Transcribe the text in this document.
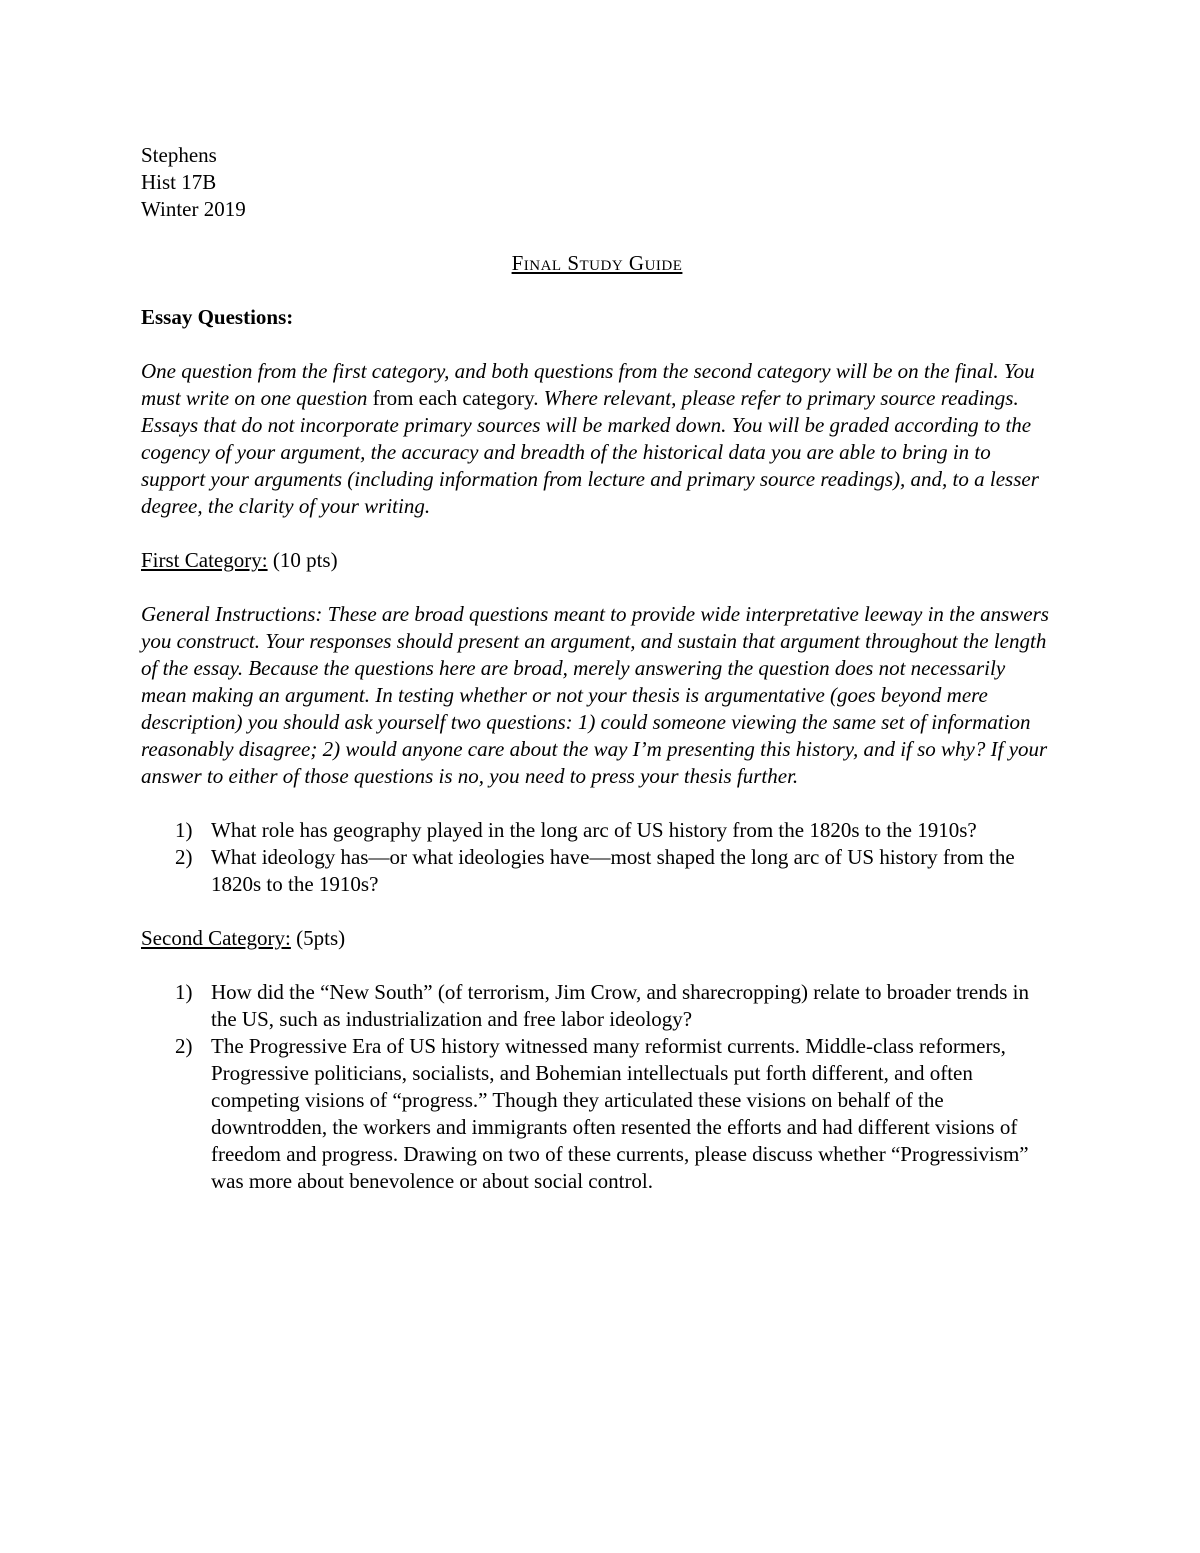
Stephens
Hist 17B
Winter 2019
Final Study Guide
Essay Questions:

One question from the first category, and both questions from the second category will be on the final. You must write on one question from each category. Where relevant, please refer to primary source readings. Essays that do not incorporate primary sources will be marked down. You will be graded according to the cogency of your argument, the accuracy and breadth of the historical data you are able to bring in to support your arguments (including information from lecture and primary source readings), and, to a lesser degree, the clarity of your writing.

First Category: (10 pts)

General Instructions: These are broad questions meant to provide wide interpretative leeway in the answers you construct. Your responses should present an argument, and sustain that argument throughout the length of the essay. Because the questions here are broad, merely answering the question does not necessarily mean making an argument. In testing whether or not your thesis is argumentative (goes beyond mere description) you should ask yourself two questions: 1) could someone viewing the same set of information reasonably disagree; 2) would anyone care about the way I’m presenting this history, and if so why? If your answer to either of those questions is no, you need to press your thesis further.

1) What role has geography played in the long arc of US history from the 1820s to the 1910s?
2) What ideology has—or what ideologies have—most shaped the long arc of US history from the 1820s to the 1910s?
Second Category: (5pts)
1) How did the “New South” (of terrorism, Jim Crow, and sharecropping) relate to broader trends in the US, such as industrialization and free labor ideology?
2) The Progressive Era of US history witnessed many reformist currents. Middle-class reformers, Progressive politicians, socialists, and Bohemian intellectuals put forth different, and often competing visions of “progress.” Though they articulated these visions on behalf of the downtrodden, the workers and immigrants often resented the efforts and had different visions of freedom and progress. Drawing on two of these currents, please discuss whether “Progressivism” was more about benevolence or about social control.
